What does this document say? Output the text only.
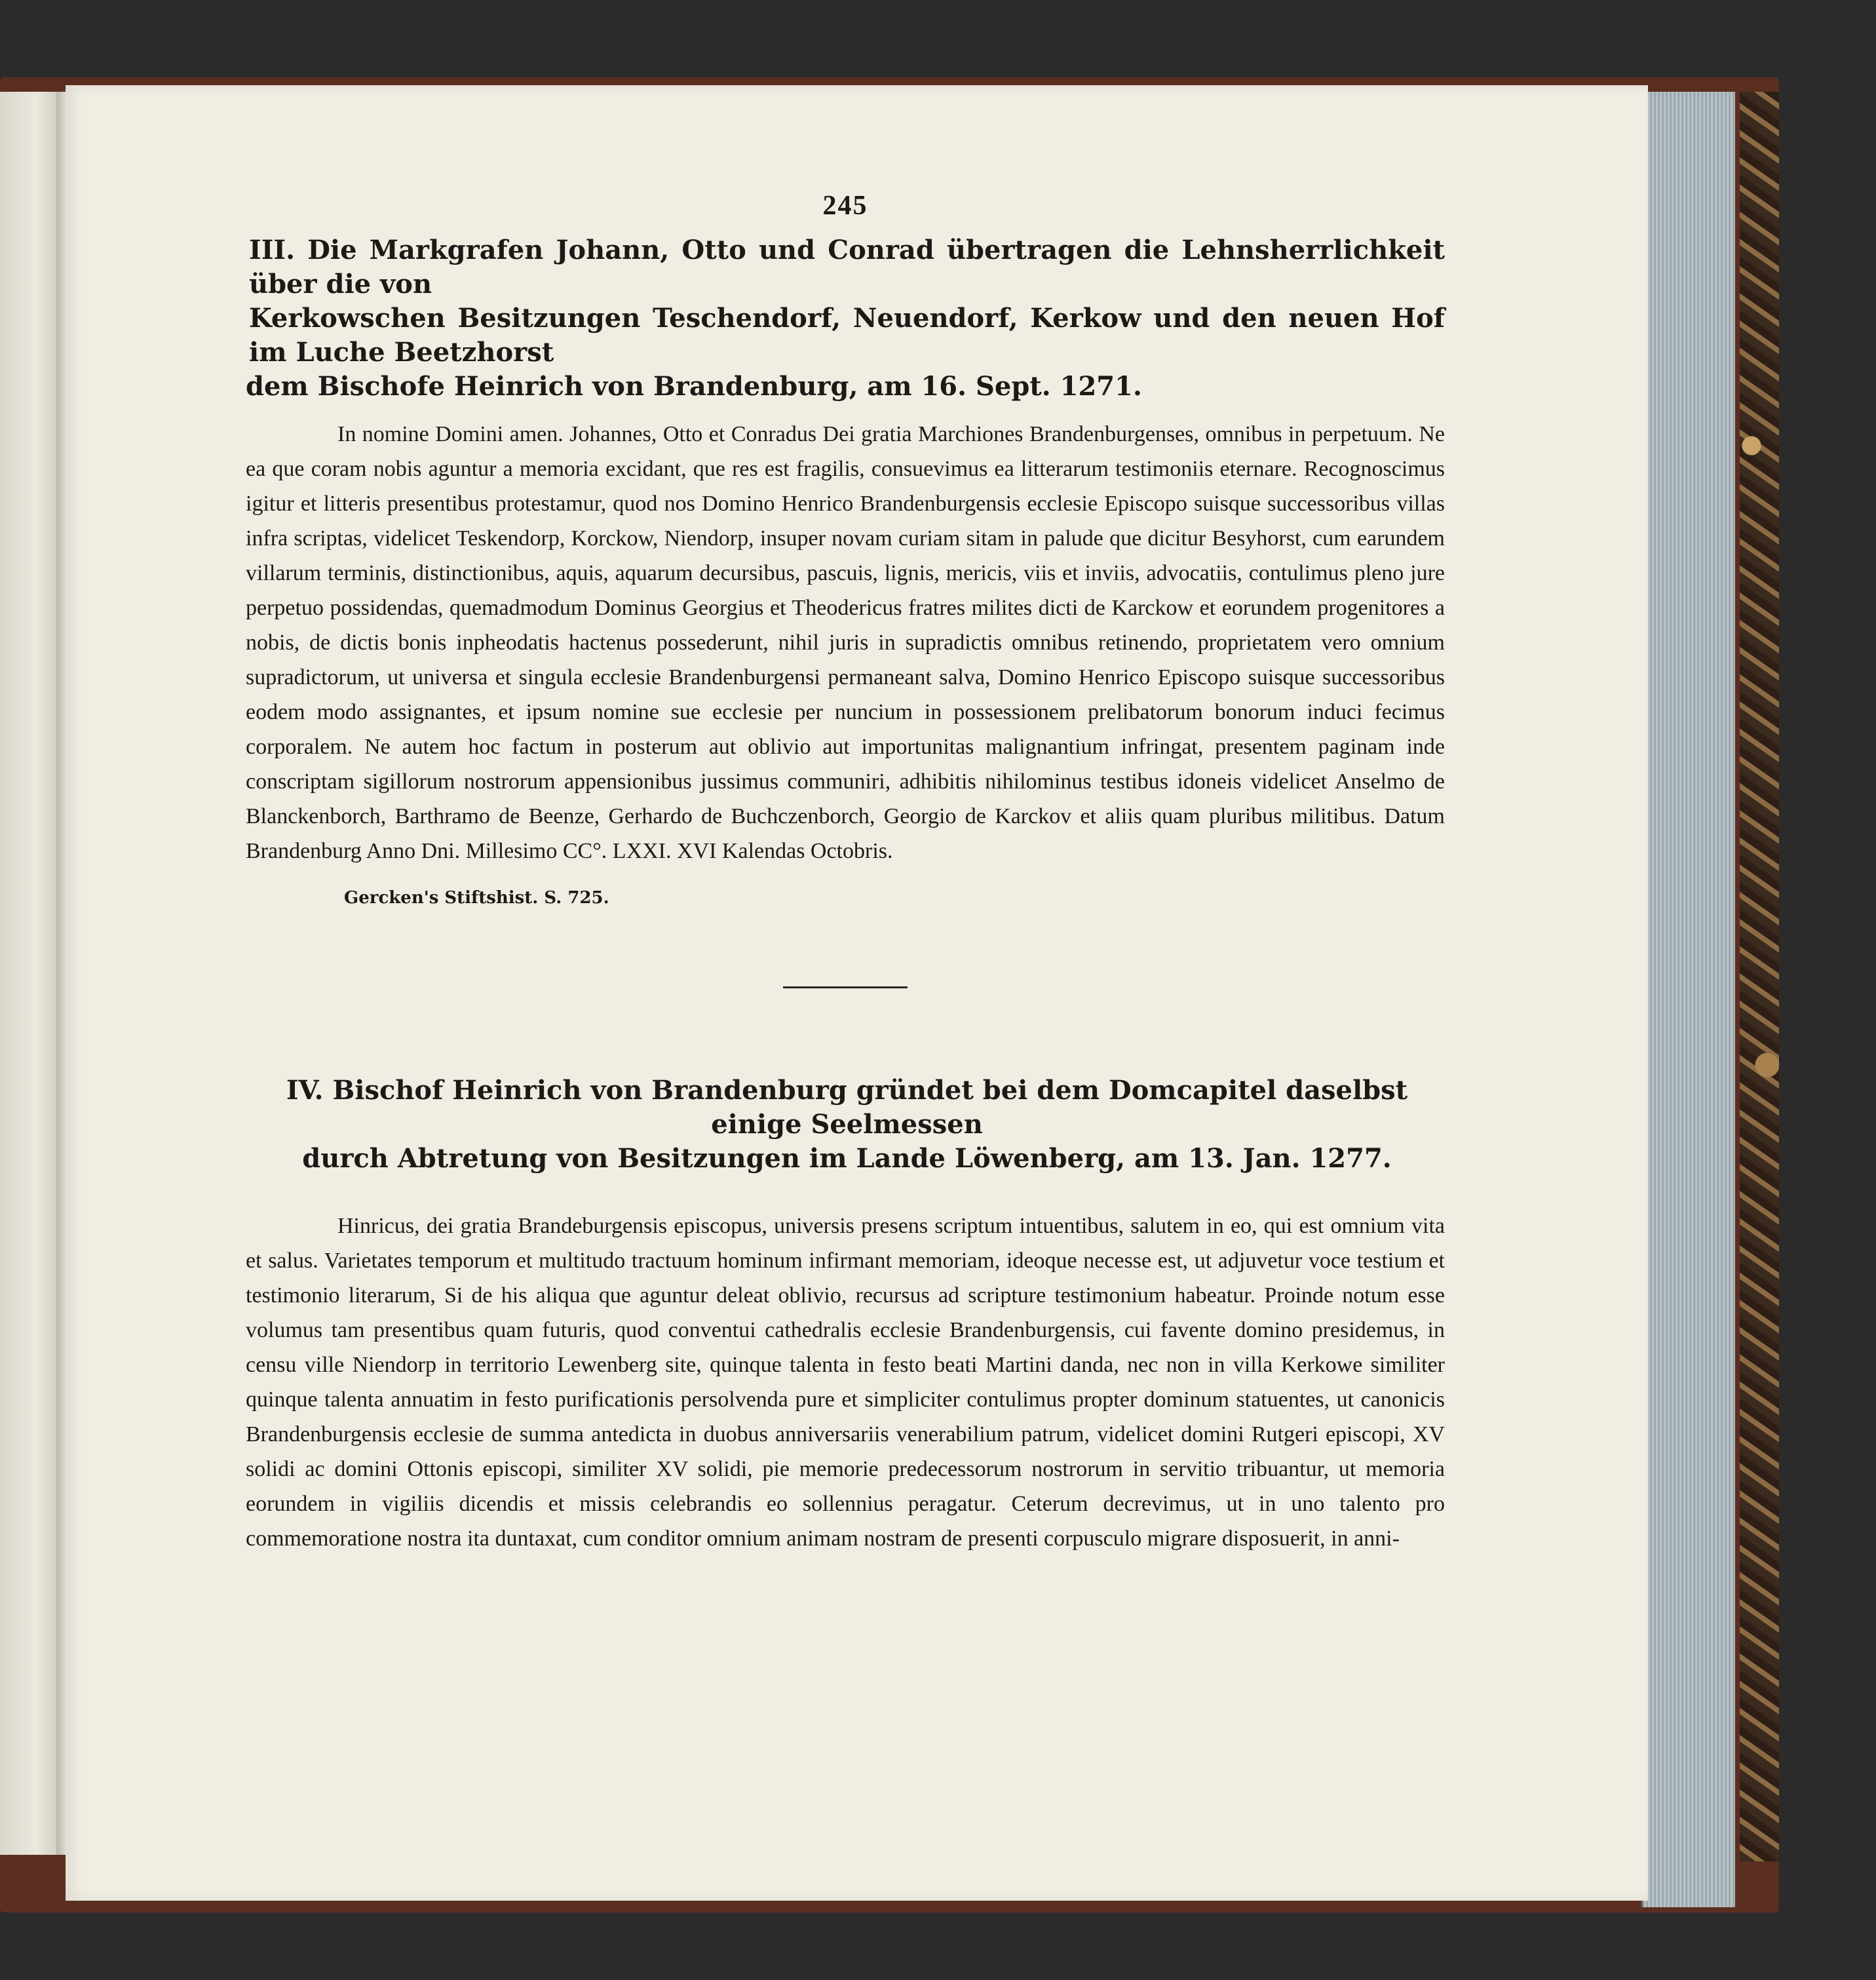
245
III. Die Markgrafen Johann, Otto und Conrad übertragen die Lehnsherrlichkeit über die von
Kerkowschen Besitzungen Teschendorf, Neuendorf, Kerkow und den neuen Hof im Luche Beetzhorst
dem Bischofe Heinrich von Brandenburg, am 16. Sept. 1271.

In nomine Domini amen. Johannes, Otto et Conradus Dei gratia Marchiones Brandenburgenses, omnibus in perpetuum. Ne ea que coram nobis aguntur a memoria excidant, que res est fragilis, consuevimus ea litterarum testimoniis eternare. Recognoscimus igitur et litteris presentibus protestamur, quod nos Domino Henrico Brandenburgensis ecclesie Episcopo suisque successoribus villas infra scriptas, videlicet Teskendorp, Korckow, Niendorp, insuper novam curiam sitam in palude que dicitur Besyhorst, cum earundem villarum terminis, distinctionibus, aquis, aquarum decursibus, pascuis, lignis, mericis, viis et inviis, advocatiis, contulimus pleno jure perpetuo possidendas, quemadmodum Dominus Georgius et Theodericus fratres milites dicti de Karckow et eorundem progenitores a nobis, de dictis bonis inpheodatis hactenus possederunt, nihil juris in supradictis omnibus retinendo, proprietatem vero omnium supradictorum, ut universa et singula ecclesie Brandenburgensi permaneant salva, Domino Henrico Episcopo suisque successoribus eodem modo assignantes, et ipsum nomine sue ecclesie per nuncium in possessionem prelibatorum bonorum induci fecimus corporalem. Ne autem hoc factum in posterum aut oblivio aut importunitas malignantium infringat, presentem paginam inde conscriptam sigillorum nostrorum appensionibus jussimus communiri, adhibitis nihilominus testibus idoneis videlicet Anselmo de Blanckenborch, Barthramo de Beenze, Gerhardo de Buchczenborch, Georgio de Karckov et aliis quam pluribus militibus. Datum Brandenburg Anno Dni. Millesimo CC°. LXXI. XVI Kalendas Octobris.

Gercken's Stiftshist. S. 725.
IV. Bischof Heinrich von Brandenburg gründet bei dem Domcapitel daselbst einige Seelmessen
durch Abtretung von Besitzungen im Lande Löwenberg, am 13. Jan. 1277.

Hinricus, dei gratia Brandeburgensis episcopus, universis presens scriptum intuentibus, salutem in eo, qui est omnium vita et salus. Varietates temporum et multitudo tractuum hominum infirmant memoriam, ideoque necesse est, ut adjuvetur voce testium et testimonio literarum, Si de his aliqua que aguntur deleat oblivio, recursus ad scripture testimonium habeatur. Proinde notum esse volumus tam presentibus quam futuris, quod conventui cathedralis ecclesie Brandenburgensis, cui favente domino presidemus, in censu ville Niendorp in territorio Lewenberg site, quinque talenta in festo beati Martini danda, nec non in villa Kerkowe similiter quinque talenta annuatim in festo purificationis persolvenda pure et simpliciter contulimus propter dominum statuentes, ut canonicis Brandenburgensis ecclesie de summa antedicta in duobus anniversariis venerabilium patrum, videlicet domini Rutgeri episcopi, XV solidi ac domini Ottonis episcopi, similiter XV solidi, pie memorie predecessorum nostrorum in servitio tribuantur, ut memoria eorundem in vigiliis dicendis et missis celebrandis eo sollennius peragatur. Ceterum decrevimus, ut in uno talento pro commemoratione nostra ita duntaxat, cum conditor omnium animam nostram de presenti corpusculo migrare disposuerit, in anni-
